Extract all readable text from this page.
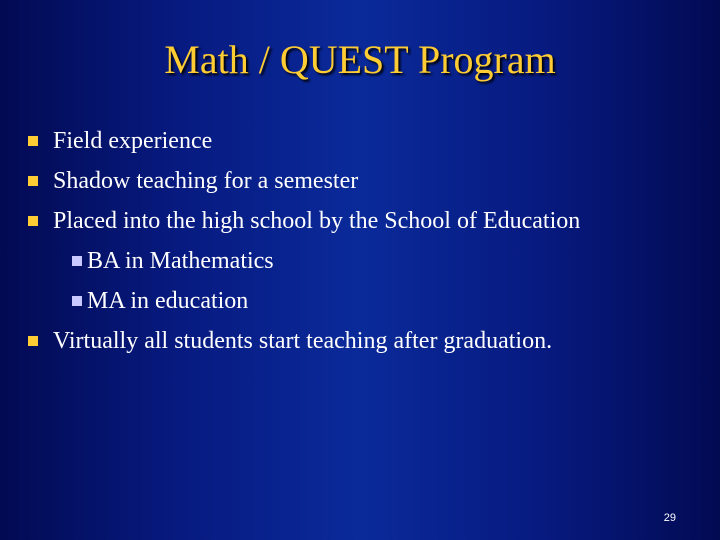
Math / QUEST Program
Field experience
Shadow teaching for a semester
Placed into the high school by the School of Education
BA in Mathematics
MA in education
Virtually all students start teaching after graduation.
29
